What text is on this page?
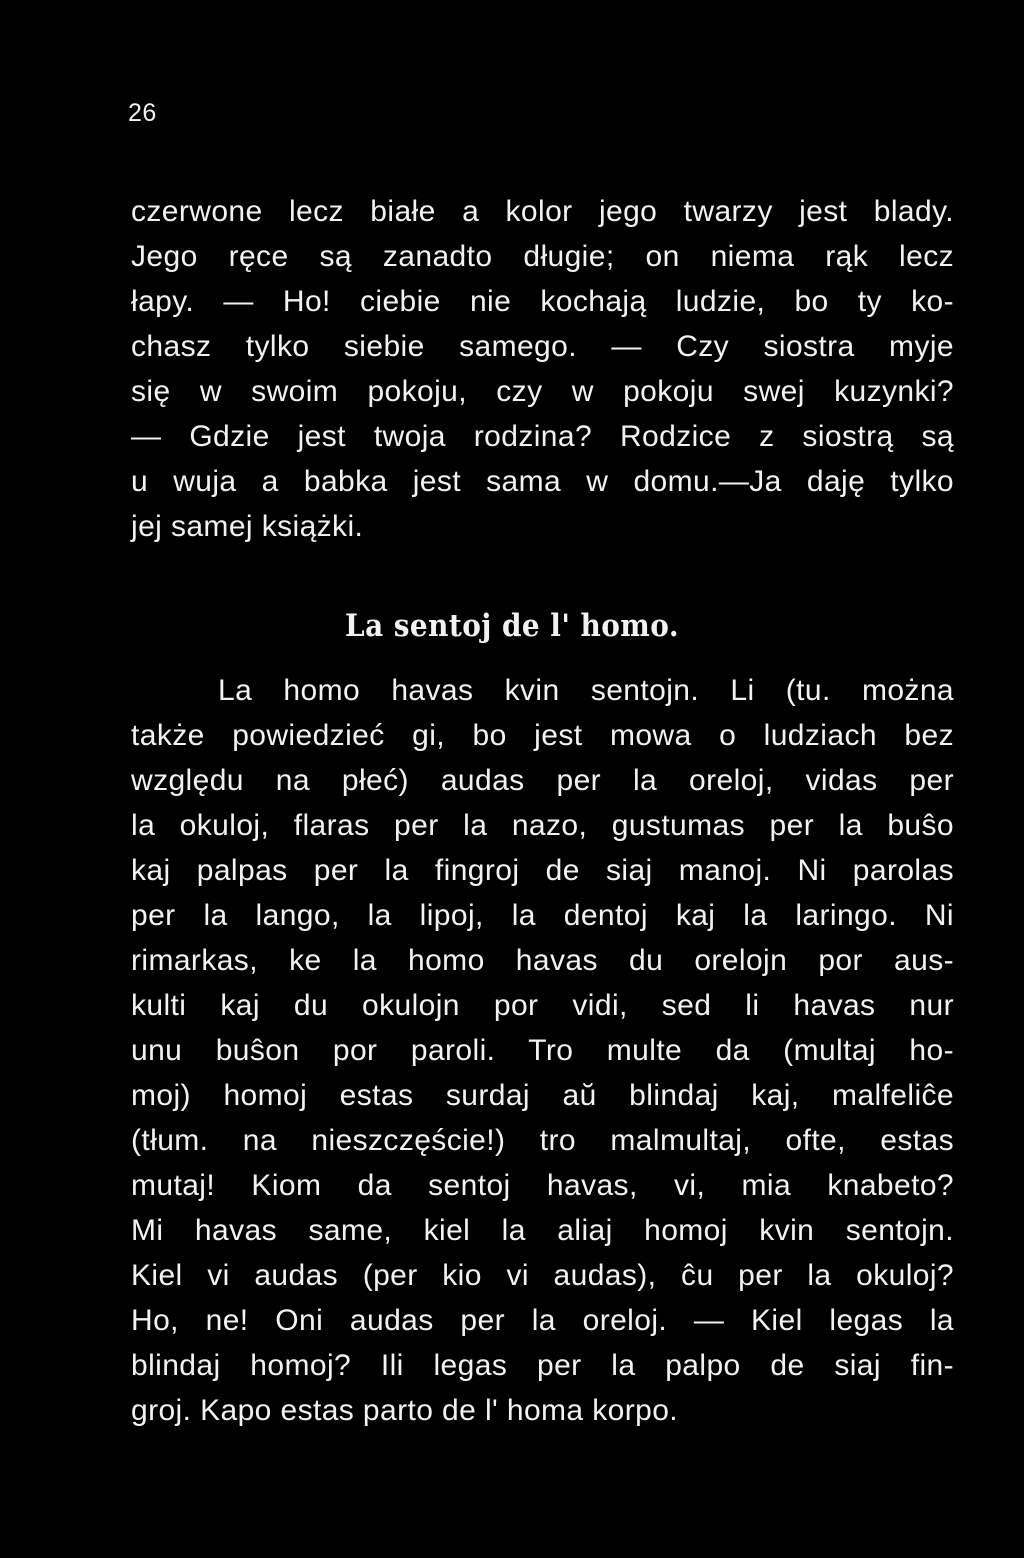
26
czerwone lecz białe a kolor jego twarzy jest blady.
Jego ręce są zanadto długie; on niema rąk lecz
łapy. — Ho! ciebie nie kochają ludzie, bo ty ko-
chasz tylko siebie samego. — Czy siostra myje
się w swoim pokoju, czy w pokoju swej kuzynki?
— Gdzie jest twoja rodzina? Rodzice z siostrą są
u wuja a babka jest sama w domu.—Ja daję tylko
jej samej książki.
La sentoj de l' homo.
La homo havas kvin sentojn. Li (tu. można
także powiedzieć gi, bo jest mowa o ludziach bez
względu na płeć) audas per la oreloj, vidas per
la okuloj, flaras per la nazo, gustumas per la buŝo
kaj palpas per la fingroj de siaj manoj. Ni parolas
per la lango, la lipoj, la dentoj kaj la laringo. Ni
rimarkas, ke la homo havas du orelojn por aus-
kulti kaj du okulojn por vidi, sed li havas nur
unu buŝon por paroli. Tro multe da (multaj ho-
moj) homoj estas surdaj aŭ blindaj kaj, malfeliĉe
(tłum. na nieszczęście!) tro malmultaj, ofte, estas
mutaj! Kiom da sentoj havas, vi, mia knabeto?
Mi havas same, kiel la aliaj homoj kvin sentojn.
Kiel vi audas (per kio vi audas), ĉu per la okuloj?
Ho, ne! Oni audas per la oreloj. — Kiel legas la
blindaj homoj? Ili legas per la palpo de siaj fin-
groj. Kapo estas parto de l' homa korpo.
